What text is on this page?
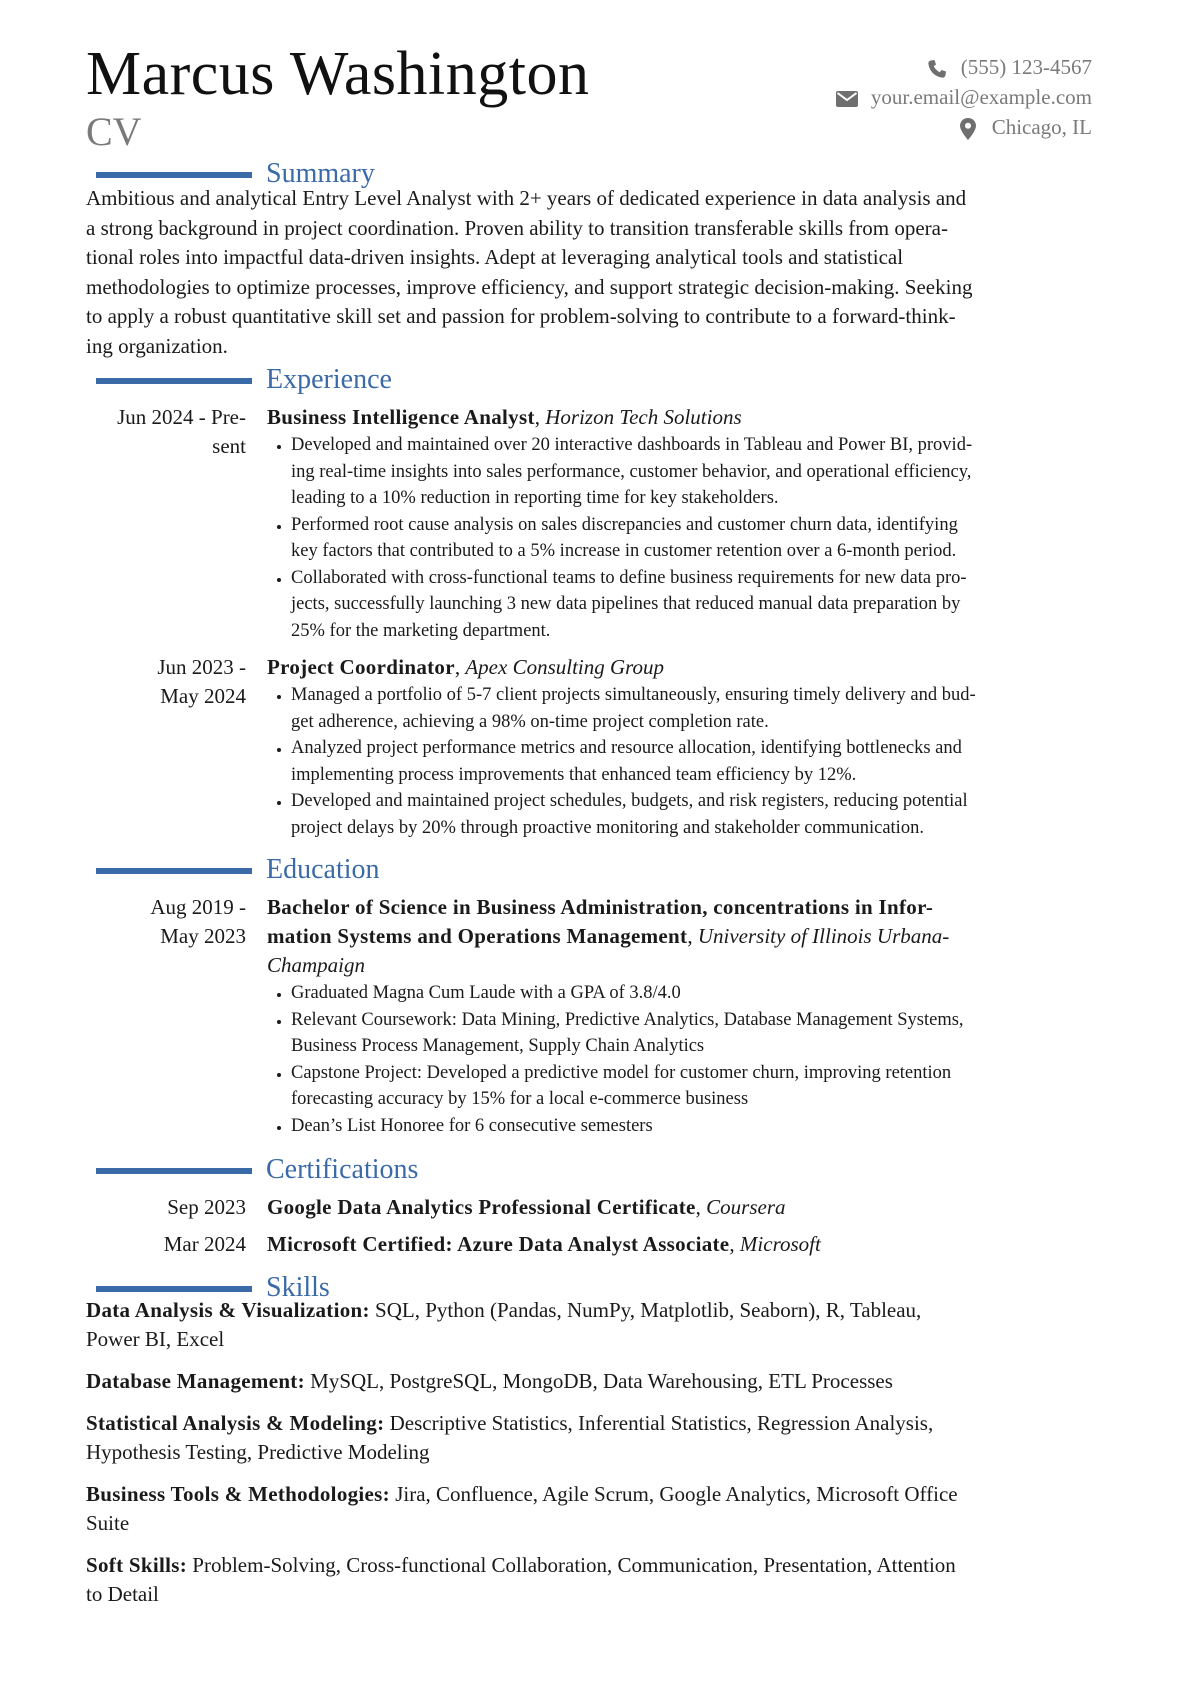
Marcus Washington
CV
(555) 123-4567
your.email@example.com
Chicago, IL
Summary
Ambitious and analytical Entry Level Analyst with 2+ years of dedicated experience in data analysis and
a strong background in project coordination. Proven ability to transition transferable skills from opera-
tional roles into impactful data-driven insights. Adept at leveraging analytical tools and statistical
methodologies to optimize processes, improve efficiency, and support strategic decision-making. Seeking
to apply a robust quantitative skill set and passion for problem-solving to contribute to a forward-think-
ing organization.
Experience
Jun 2024 - Pre-
sent
Business Intelligence Analyst, Horizon Tech Solutions
• Developed and maintained over 20 interactive dashboards in Tableau and Power BI, provid-
ing real-time insights into sales performance, customer behavior, and operational efficiency,
leading to a 10% reduction in reporting time for key stakeholders.
• Performed root cause analysis on sales discrepancies and customer churn data, identifying
key factors that contributed to a 5% increase in customer retention over a 6-month period.
• Collaborated with cross-functional teams to define business requirements for new data pro-
jects, successfully launching 3 new data pipelines that reduced manual data preparation by
25% for the marketing department.
Jun 2023 -
May 2024
Project Coordinator, Apex Consulting Group
• Managed a portfolio of 5-7 client projects simultaneously, ensuring timely delivery and bud-
get adherence, achieving a 98% on-time project completion rate.
• Analyzed project performance metrics and resource allocation, identifying bottlenecks and
implementing process improvements that enhanced team efficiency by 12%.
• Developed and maintained project schedules, budgets, and risk registers, reducing potential
project delays by 20% through proactive monitoring and stakeholder communication.
Education
Aug 2019 -
May 2023
Bachelor of Science in Business Administration, concentrations in Infor-
mation Systems and Operations Management, University of Illinois Urbana-
Champaign
• Graduated Magna Cum Laude with a GPA of 3.8/4.0
• Relevant Coursework: Data Mining, Predictive Analytics, Database Management Systems,
Business Process Management, Supply Chain Analytics
• Capstone Project: Developed a predictive model for customer churn, improving retention
forecasting accuracy by 15% for a local e-commerce business
• Dean’s List Honoree for 6 consecutive semesters
Certifications
Sep 2023 Google Data Analytics Professional Certificate, Coursera
Mar 2024 Microsoft Certified: Azure Data Analyst Associate, Microsoft
Skills
Data Analysis & Visualization: SQL, Python (Pandas, NumPy, Matplotlib, Seaborn), R, Tableau,
Power BI, Excel
Database Management: MySQL, PostgreSQL, MongoDB, Data Warehousing, ETL Processes
Statistical Analysis & Modeling: Descriptive Statistics, Inferential Statistics, Regression Analysis,
Hypothesis Testing, Predictive Modeling
Business Tools & Methodologies: Jira, Confluence, Agile Scrum, Google Analytics, Microsoft Office
Suite
Soft Skills: Problem-Solving, Cross-functional Collaboration, Communication, Presentation, Attention
to Detail
